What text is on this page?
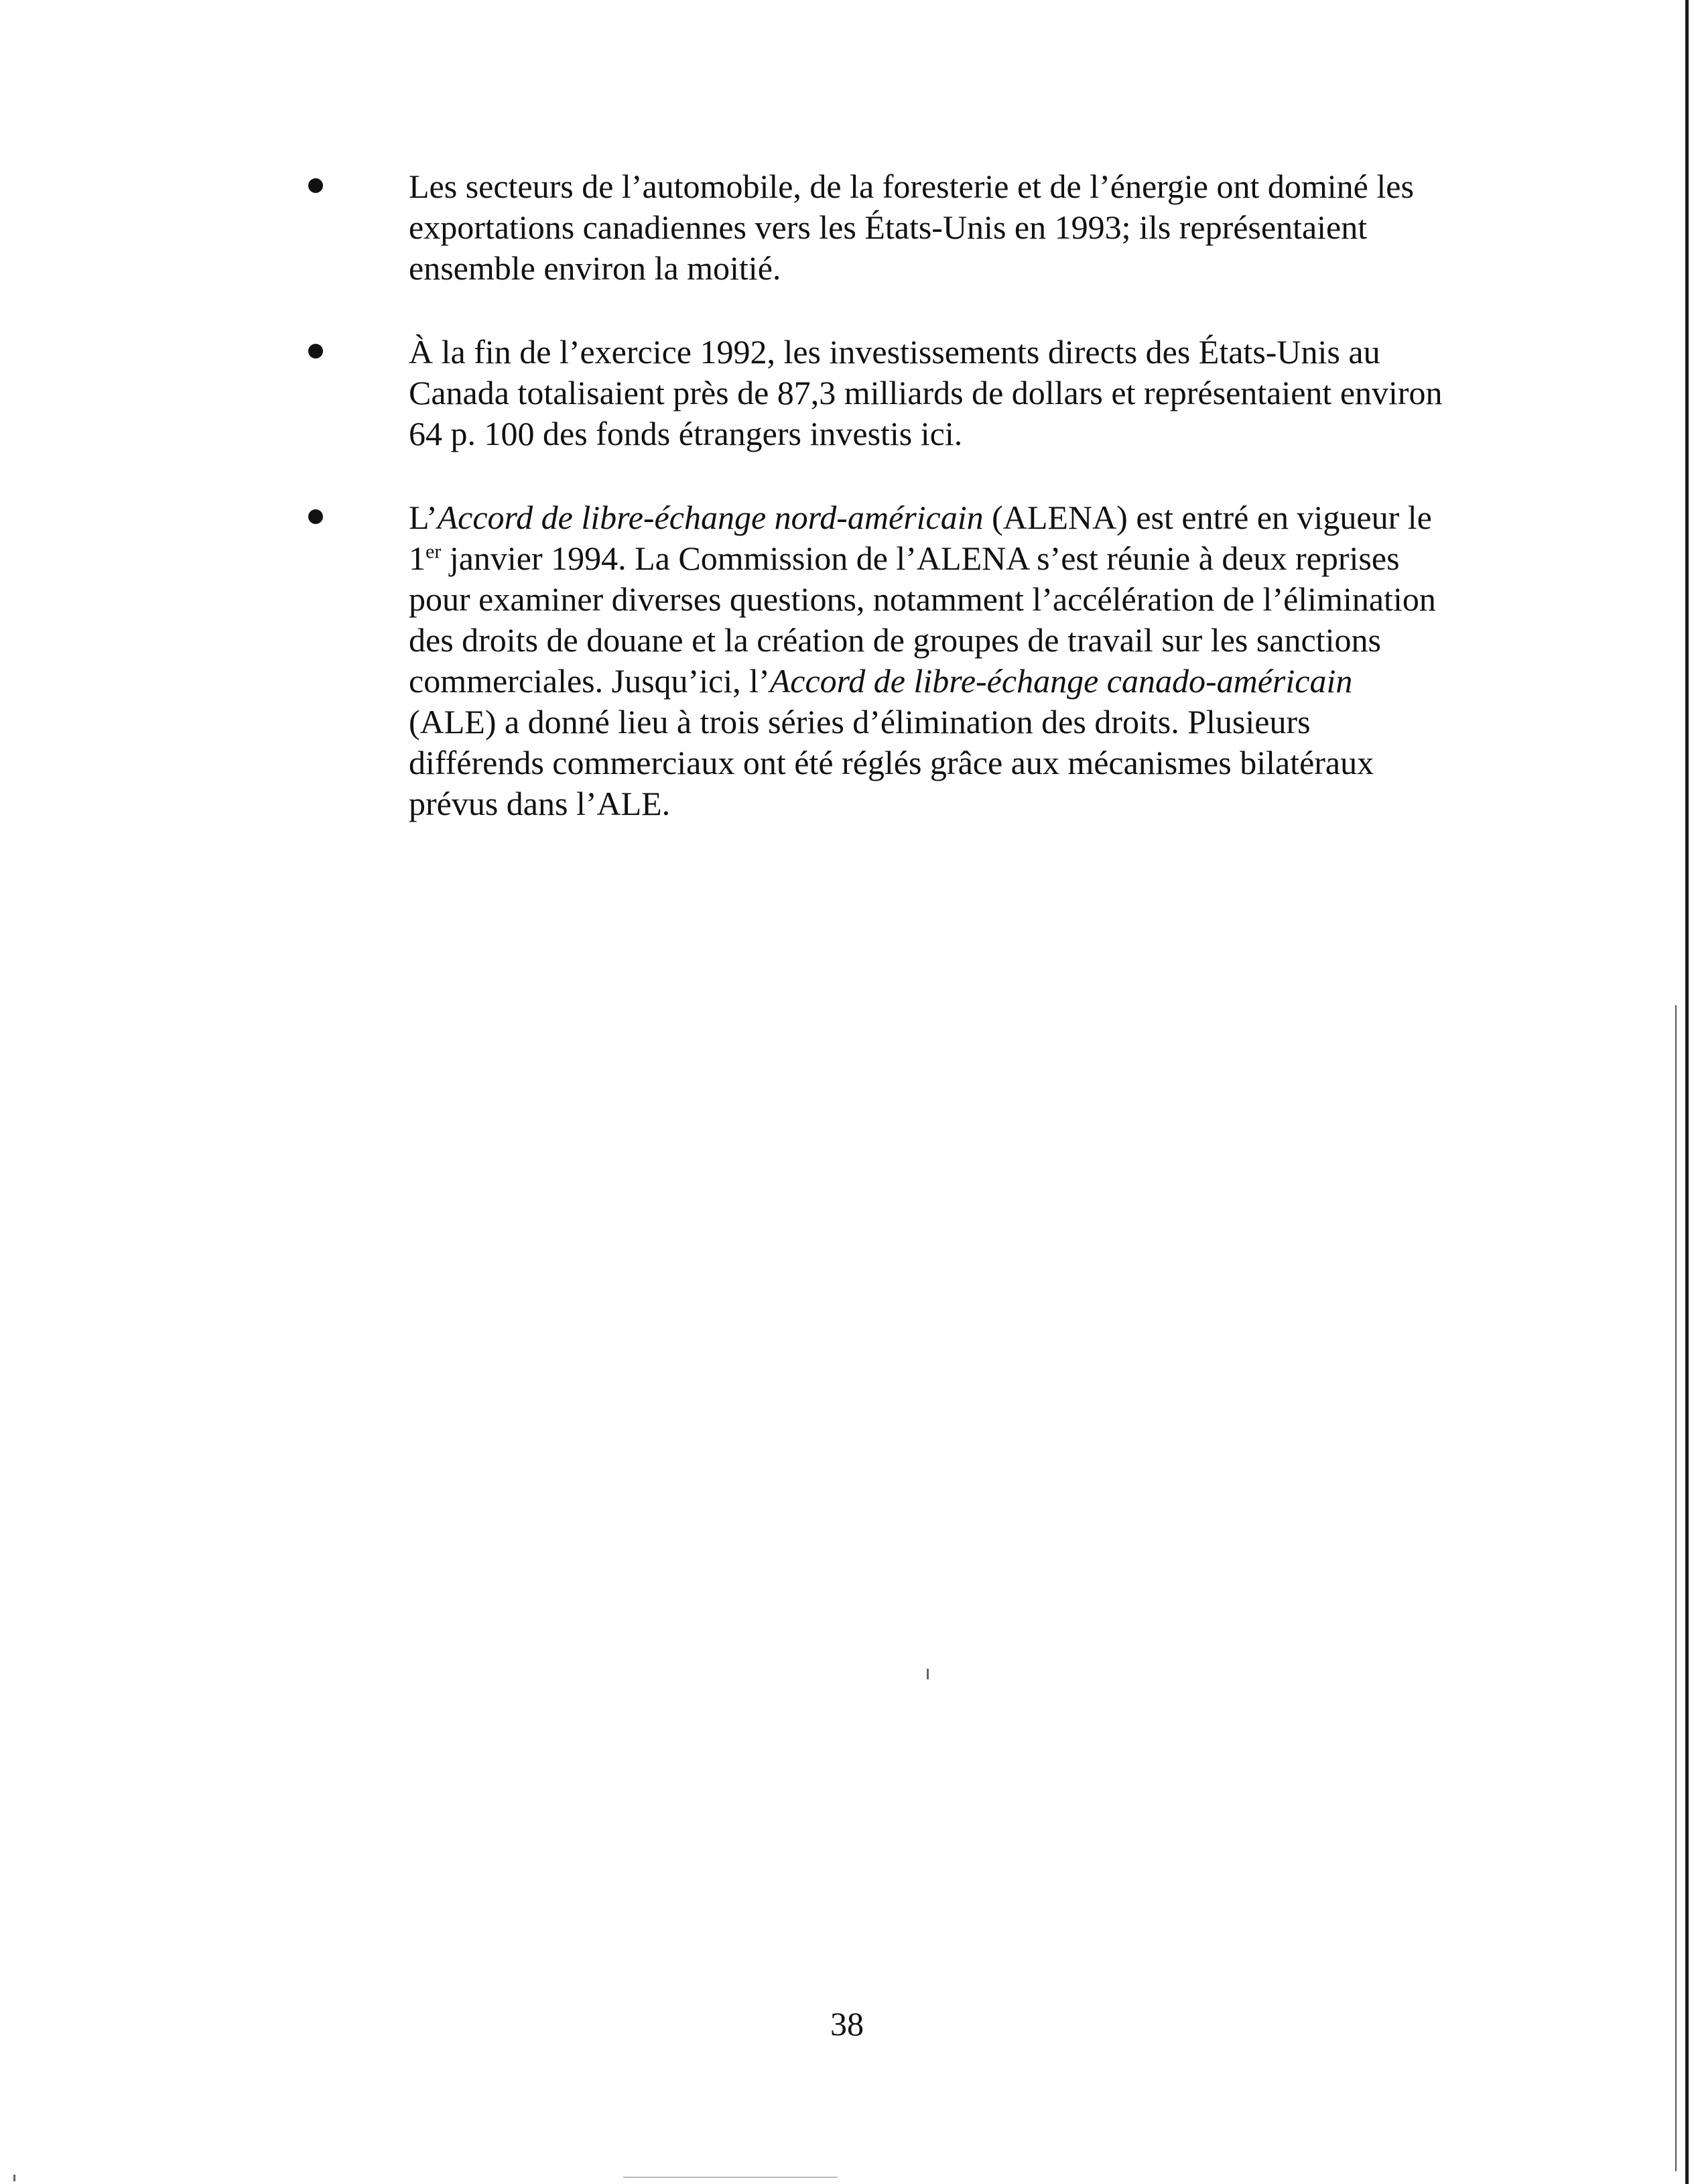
Les secteurs de l’automobile, de la foresterie et de l’énergie ont dominé les exportations canadiennes vers les États-Unis en 1993; ils représentaient ensemble environ la moitié.
À la fin de l’exercice 1992, les investissements directs des États-Unis au Canada totalisaient près de 87,3 milliards de dollars et représentaient environ 64 p. 100 des fonds étrangers investis ici.
L’Accord de libre-échange nord-américain (ALENA) est entré en vigueur le 1er janvier 1994. La Commission de l’ALENA s’est réunie à deux reprises pour examiner diverses questions, notamment l’accélération de l’élimination des droits de douane et la création de groupes de travail sur les sanctions commerciales. Jusqu’ici, l’Accord de libre-échange canado-américain (ALE) a donné lieu à trois séries d’élimination des droits. Plusieurs différends commerciaux ont été réglés grâce aux mécanismes bilatéraux prévus dans l’ALE.
38
